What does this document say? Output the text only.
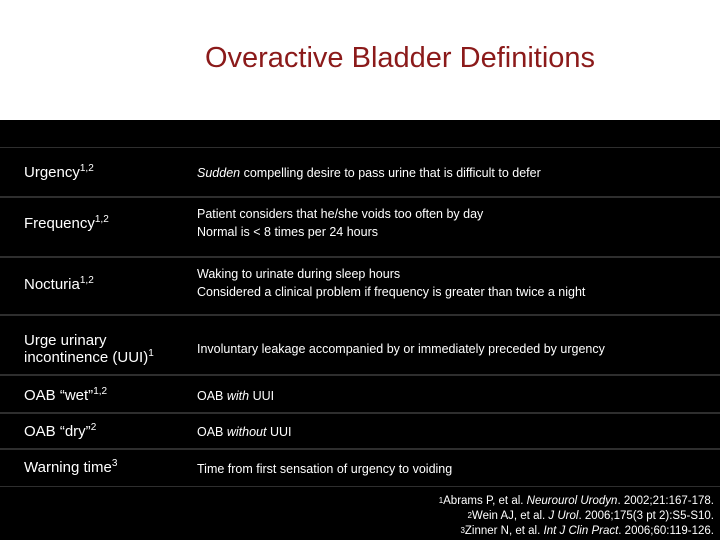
Overactive Bladder Definitions
Urgency$^{1,2}$	Sudden compelling desire to pass urine that is difficult to defer
Frequency$^{1,2}$	Patient considers that he/she voids too often by day
Normal is < 8 times per 24 hours
Nocturia$^{1,2}$	Waking to urinate during sleep hours
Considered a clinical problem if frequency is greater than twice a night
Urge urinary
incontinence (UUI)$^1$	Involuntary leakage accompanied by or immediately preceded by urgency
OAB “wet”$^{1,2}$	OAB with UUI
OAB “dry”$^2$	OAB without UUI
Warning time$^3$	Time from first sensation of urgency to voiding
$^1$Abrams P, et al. Neurourol Urodyn. 2002;21:167-178.
$^2$Wein AJ, et al. J Urol. 2006;175(3 pt 2):S5-S10.
$^3$Zinner N, et al. Int J Clin Pract. 2006;60:119-126.
